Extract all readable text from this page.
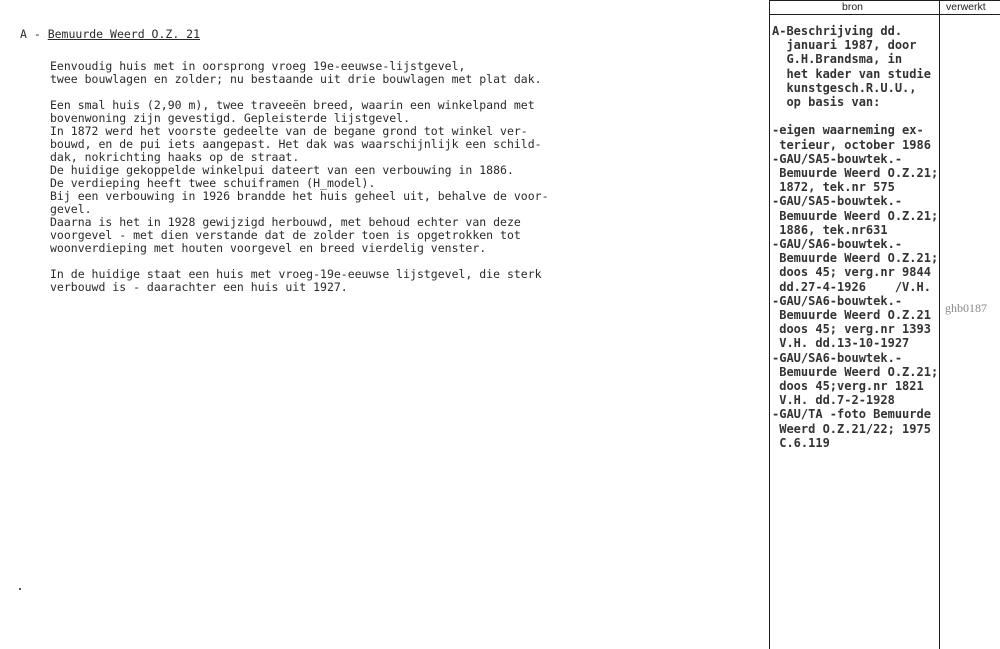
A - Bemuurde Weerd O.Z. 21
Eenvoudig huis met in oorsprong vroeg 19e-eeuwse-lijstgevel,
twee bouwlagen en zolder; nu bestaande uit drie bouwlagen met plat dak.

Een smal huis (2,90 m), twee traveeën breed, waarin een winkelpand met
bovenwoning zijn gevestigd. Gepleisterde lijstgevel.
In 1872 werd het voorste gedeelte van de begane grond tot winkel ver-
bouwd, en de pui iets aangepast. Het dak was waarschijnlijk een schild-
dak, nokrichting haaks op de straat.
De huidige gekoppelde winkelpui dateert van een verbouwing in 1886.
De verdieping heeft twee schuiframen (H_model).
Bij een verbouwing in 1926 brandde het huis geheel uit, behalve de voor-
gevel.
Daarna is het in 1928 gewijzigd herbouwd, met behoud echter van deze
voorgevel - met dien verstande dat de zolder toen is opgetrokken tot
woonverdieping met houten voorgevel en breed vierdelig venster.

In de huidige staat een huis met vroeg-19e-eeuwse lijstgevel, die sterk
verbouwd is - daarachter een huis uit 1927.
bron	verwerkt
A-Beschrijving dd.
januari 1987, door
G.H.Brandsma, in
het kader van studie
kunstgesch.R.U.U.,
op basis van:

-eigen waarneming ex-
terieur, october 1986
-GAU/SA5-bouwtek.-
Bemuurde Weerd O.Z.21;
1872, tek.nr 575
-GAU/SA5-bouwtek.-
Bemuurde Weerd O.Z.21;
1886, tek.nr631
-GAU/SA6-bouwtek.-
Bemuurde Weerd O.Z.21;
doos 45; verg.nr 9844
dd.27-4-1926    /V.H.
-GAU/SA6-bouwtek.-
Bemuurde Weerd O.Z.21
doos 45; verg.nr 1393
V.H. dd.13-10-1927
-GAU/SA6-bouwtek.-
Bemuurde Weerd O.Z.21;
doos 45;verg.nr 1821
V.H. dd.7-2-1928
-GAU/TA -foto Bemuurde
Weerd O.Z.21/22; 1975
C.6.119
ghb0187
